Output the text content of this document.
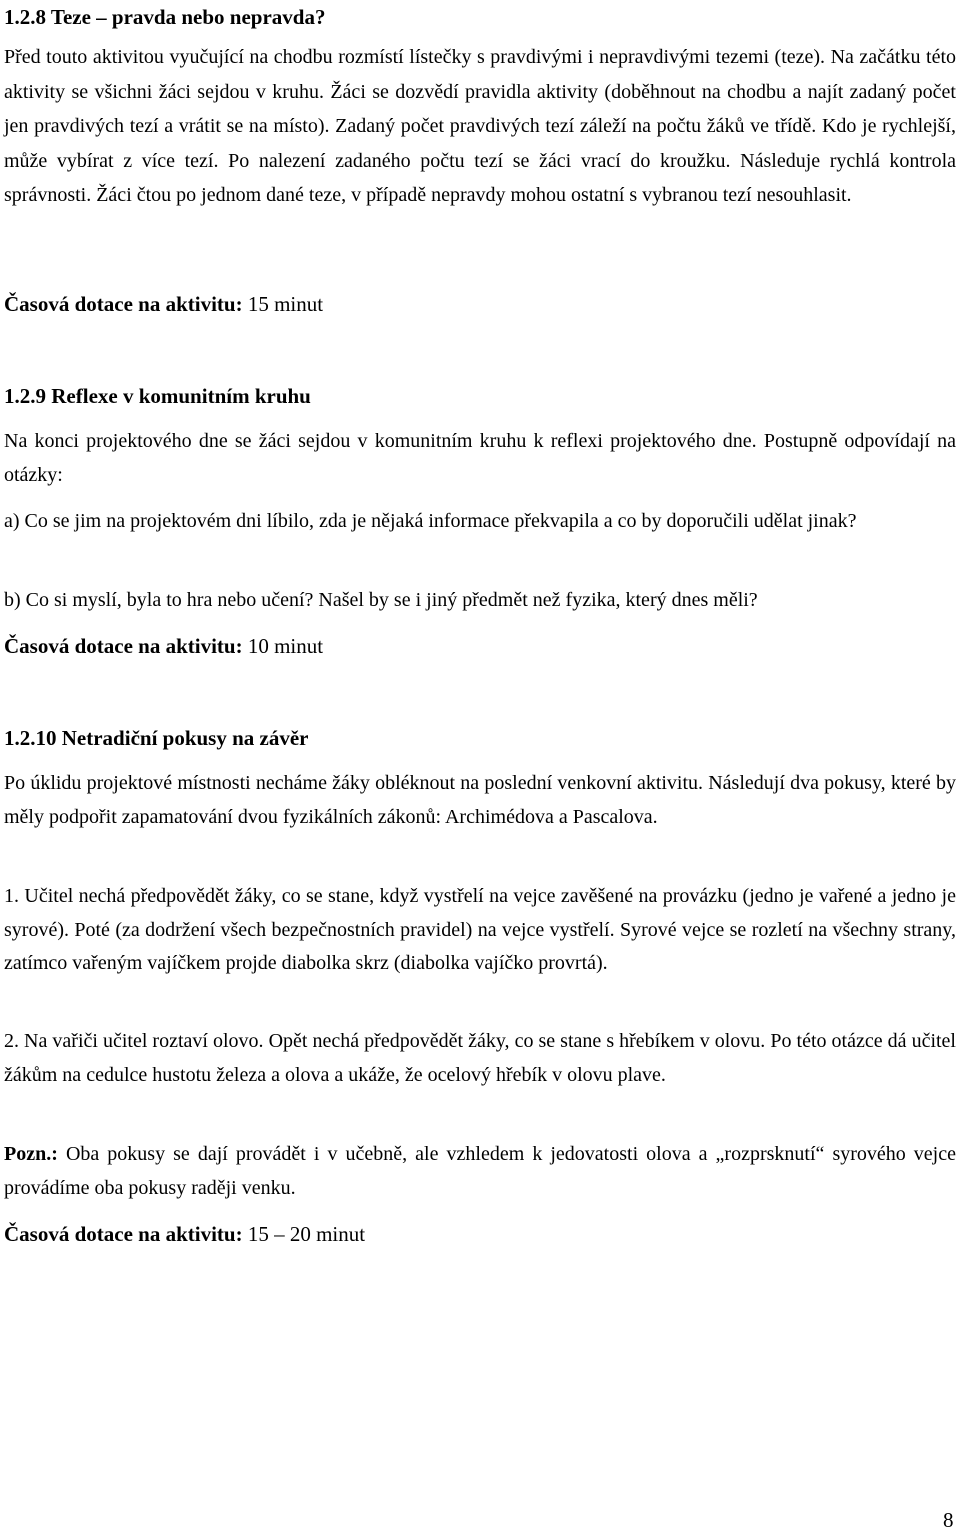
1.2.8 Teze – pravda nebo nepravda?

Před touto aktivitou vyučující na chodbu rozmístí lístečky s pravdivými i nepravdivými tezemi (teze). Na začátku této aktivity se všichni žáci sejdou v kruhu. Žáci se dozvědí pravidla aktivity (doběhnout na chodbu a najít zadaný počet jen pravdivých tezí a vrátit se na místo). Zadaný počet pravdivých tezí záleží na počtu žáků ve třídě. Kdo je rychlejší, může vybírat z více tezí. Po nalezení zadaného počtu tezí se žáci vrací do kroužku. Následuje rychlá kontrola správnosti. Žáci čtou po jednom dané teze, v případě nepravdy mohou ostatní s vybranou tezí nesouhlasit.

Časová dotace na aktivitu: 15 minut

1.2.9 Reflexe v komunitním kruhu

Na konci projektového dne se žáci sejdou v komunitním kruhu k reflexi projektového dne. Postupně odpovídají na otázky:

a) Co se jim na projektovém dni líbilo, zda je nějaká informace překvapila a co by doporučili udělat jinak?

b) Co si myslí, byla to hra nebo učení? Našel by se i jiný předmět než fyzika, který dnes měli?

Časová dotace na aktivitu: 10 minut

1.2.10 Netradiční pokusy na závěr

Po úklidu projektové místnosti necháme žáky obléknout na poslední venkovní aktivitu. Následují dva pokusy, které by měly podpořit zapamatování dvou fyzikálních zákonů: Archimédova a Pascalova.

1. Učitel nechá předpovědět žáky, co se stane, když vystřelí na vejce zavěšené na provázku (jedno je vařené a jedno je syrové). Poté (za dodržení všech bezpečnostních pravidel) na vejce vystřelí. Syrové vejce se rozletí na všechny strany, zatímco vařeným vajíčkem projde diabolka skrz (diabolka vajíčko provrtá).

2. Na vařiči učitel roztaví olovo. Opět nechá předpovědět žáky, co se stane s hřebíkem v olovu. Po této otázce dá učitel žákům na cedulce hustotu železa a olova a ukáže, že ocelový hřebík v olovu plave.

Pozn.: Oba pokusy se dají provádět i v učebně, ale vzhledem k jedovatosti olova a „rozprsknutí“ syrového vejce provádíme oba pokusy raději venku.

Časová dotace na aktivitu: 15 – 20 minut

8
